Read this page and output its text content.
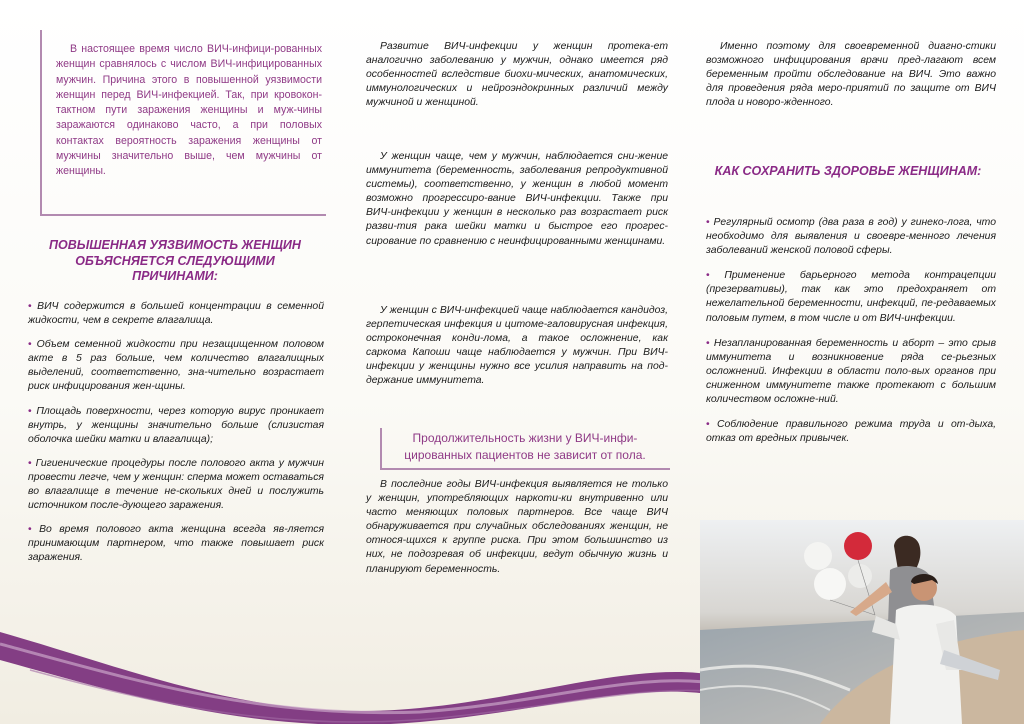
В настоящее время число ВИЧ-инфици-рованных женщин сравнялось с числом ВИЧ-инфицированных мужчин. Причина этого в повышенной уязвимости женщин перед ВИЧ-инфекцией. Так, при кровокон-тактном пути заражения женщины и муж-чины заражаются одинаково часто, а при половых контактах вероятность заражения женщины от мужчины значительно выше, чем мужчины от женщины.

ПОВЫШЕННАЯ УЯЗВИМОСТЬ ЖЕНЩИН ОБЪЯСНЯЕТСЯ СЛЕДУЮЩИМИ ПРИЧИНАМИ:
• ВИЧ содержится в большей концентрации в семенной жидкости, чем в секрете влагалища.
• Объем семенной жидкости при незащищенном половом акте в 5 раз больше, чем количество влагалищных выделений, соответственно, зна-чительно возрастает риск инфицирования жен-щины.
• Площадь поверхности, через которую вирус проникает внутрь, у женщины значительно больше (слизистая оболочка шейки матки и влагалища);
• Гигиенические процедуры после полового акта у мужчин провести легче, чем у женщин: сперма может оставаться во влагалище в течение не-скольких дней и послужить источником после-дующего заражения.
• Во время полового акта женщина всегда яв-ляется принимающим партнером, что также повышает риск заражения.

Развитие ВИЧ-инфекции у женщин протека-ет аналогично заболеванию у мужчин, однако имеется ряд особенностей вследствие биохи-мических, анатомических, иммунологических и нейроэндокринных различий между мужчиной и женщиной.

У женщин чаще, чем у мужчин, наблюдается сни-жение иммунитета (беременность, заболевания репродуктивной системы), соответственно, у женщин в любой момент возможно прогрессиро-вание ВИЧ-инфекции. Также при ВИЧ-инфекции у женщин в несколько раз возрастает риск разви-тия рака шейки матки и быстрое его прогрес-сирование по сравнению с неинфицированными женщинами.

У женщин с ВИЧ-инфекцией чаще наблюдается кандидоз, герпетическая инфекция и цитоме-галовирусная инфекция, остроконечная конди-лома, а такое осложнение, как саркома Капоши чаще наблюдается у мужчин. При ВИЧ-инфекции у женщины нужно все усилия направить на под-держание иммунитета.

Продолжительность жизни у ВИЧ-инфи-цированных пациентов не зависит от пола.

В последние годы ВИЧ-инфекция выявляется не только у женщин, употребляющих наркоти-ки внутривенно или часто меняющих половых партнеров. Все чаще ВИЧ обнаруживается при случайных обследованиях женщин, не относя-щихся к группе риска. При этом большинство из них, не подозревая об инфекции, ведут обычную жизнь и планируют беременность.

Именно поэтому для своевременной диагно-стики возможного инфицирования врачи пред-лагают всем беременным пройти обследование на ВИЧ. Это важно для проведения ряда меро-приятий по защите от ВИЧ плода и новоро-жденного.

КАК СОХРАНИТЬ ЗДОРОВЬЕ ЖЕНЩИНАМ:
• Регулярный осмотр (два раза в год) у гинеко-лога, что необходимо для выявления и своевре-менного лечения заболеваний женской половой сферы.
• Применение барьерного метода контрацепции (презервативы), так как это предохраняет от нежелательной беременности, инфекций, пе-редаваемых половым путем, в том числе и от ВИЧ-инфекции.
• Незапланированная беременность и аборт – это срыв иммунитета и возникновение ряда се-рьезных осложнений. Инфекции в области поло-вых органов при сниженном иммунитете также протекают с большим количеством осложне-ний.
• Соблюдение правильного режима труда и от-дыха, отказ от вредных привычек.
